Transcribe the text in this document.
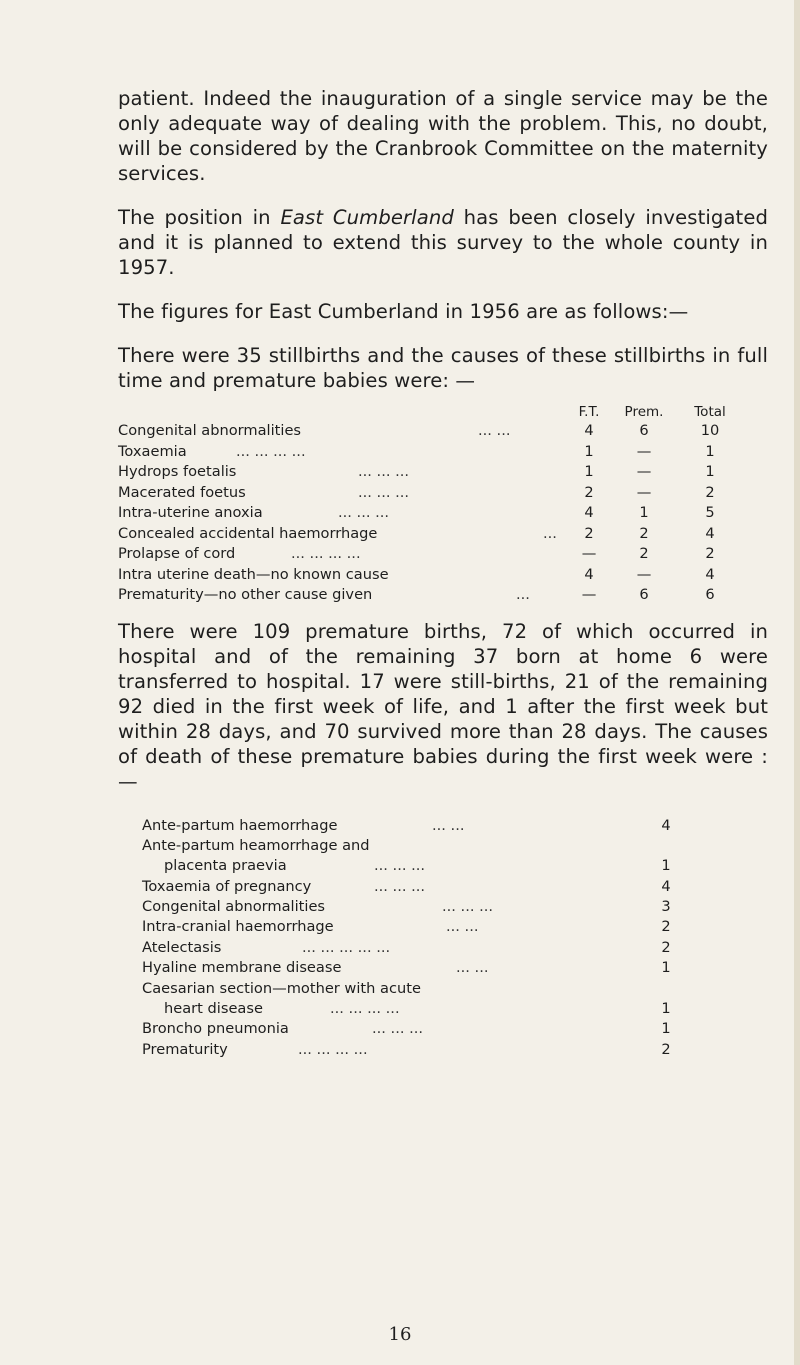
patient. Indeed the inauguration of a single service may be the only adequate way of dealing with the problem. This, no doubt, will be considered by the Cranbrook Committee on the maternity services.

The position in East Cumberland has been closely investigated and it is planned to extend this survey to the whole county in 1957.

The figures for East Cumberland in 1956 are as follows:—

There were 35 stillbirths and the causes of these stillbirths in full time and premature babies were: —

F.T.	Prem.	Total
Congenital abnormalities	... ...	4	6	10
Toxaemia	... ... ... ...	1	—	1
Hydrops foetalis	... ... ...	1	—	1
Macerated foetus	... ... ...	2	—	2
Intra-uterine anoxia	... ... ...	4	1	5
Concealed accidental haemorrhage	...	2	2	4
Prolapse of cord	... ... ... ...	—	2	2
Intra uterine death—no known cause	4	—	4
Prematurity—no other cause given	...	—	6	6

There were 109 premature births, 72 of which occurred in hospital and of the remaining 37 born at home 6 were transferred to hospital. 17 were still-births, 21 of the remaining 92 died in the first week of life, and 1 after the first week but within 28 days, and 70 survived more than 28 days. The causes of death of these premature babies during the first week were :—

Ante-partum haemorrhage	... ...	4
Ante-partum heamorrhage and
placenta praevia	... ... ...	1
Toxaemia of pregnancy	... ... ...	4
Congenital abnormalities	... ... ...	3
Intra-cranial haemorrhage	... ...	2
Atelectasis	... ... ... ... ...	2
Hyaline membrane disease	... ...	1
Caesarian section—mother with acute
heart disease	... ... ... ...	1
Broncho pneumonia	... ... ...	1
Prematurity	... ... ... ...	2
16
